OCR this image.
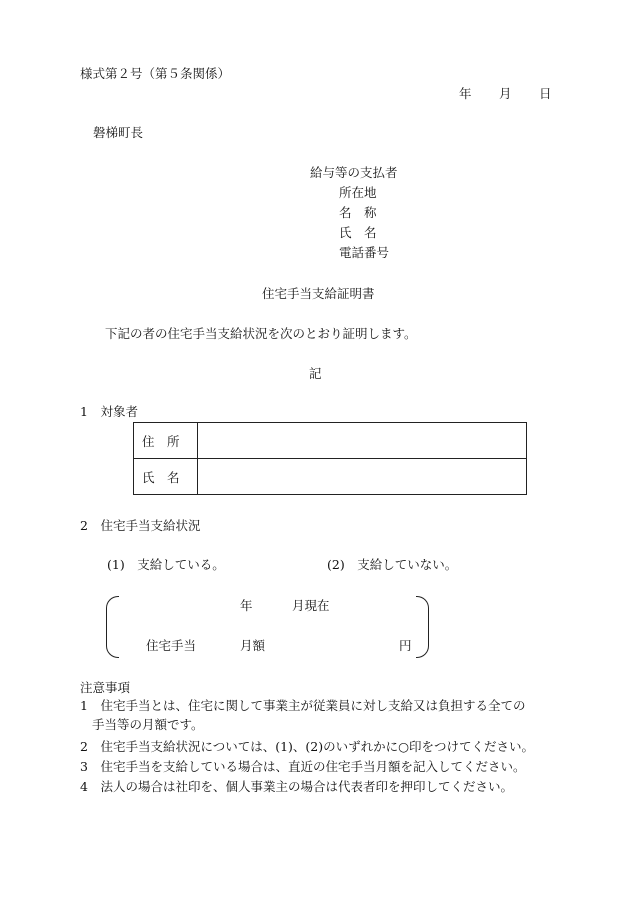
様式第２号（第５条関係）
年 月 日
磐梯町長
給与等の支払者
所在地
名　称
氏　名
電話番号
住宅手当支給証明書
下記の者の住宅手当支給状況を次のとおり証明します。
記
1　対象者
住　所	
氏　名	
2　住宅手当支給状況
(1)　支給している。	(2)　支給していない。
年	月現在
住宅手当	月額	円
注意事項
1　住宅手当とは、住宅に関して事業主が従業員に対し支給又は負担する全ての
手当等の月額です。
2　住宅手当支給状況については、(1)、(2)のいずれかに○印をつけてください。
3　住宅手当を支給している場合は、直近の住宅手当月額を記入してください。
4　法人の場合は社印を、個人事業主の場合は代表者印を押印してください。
